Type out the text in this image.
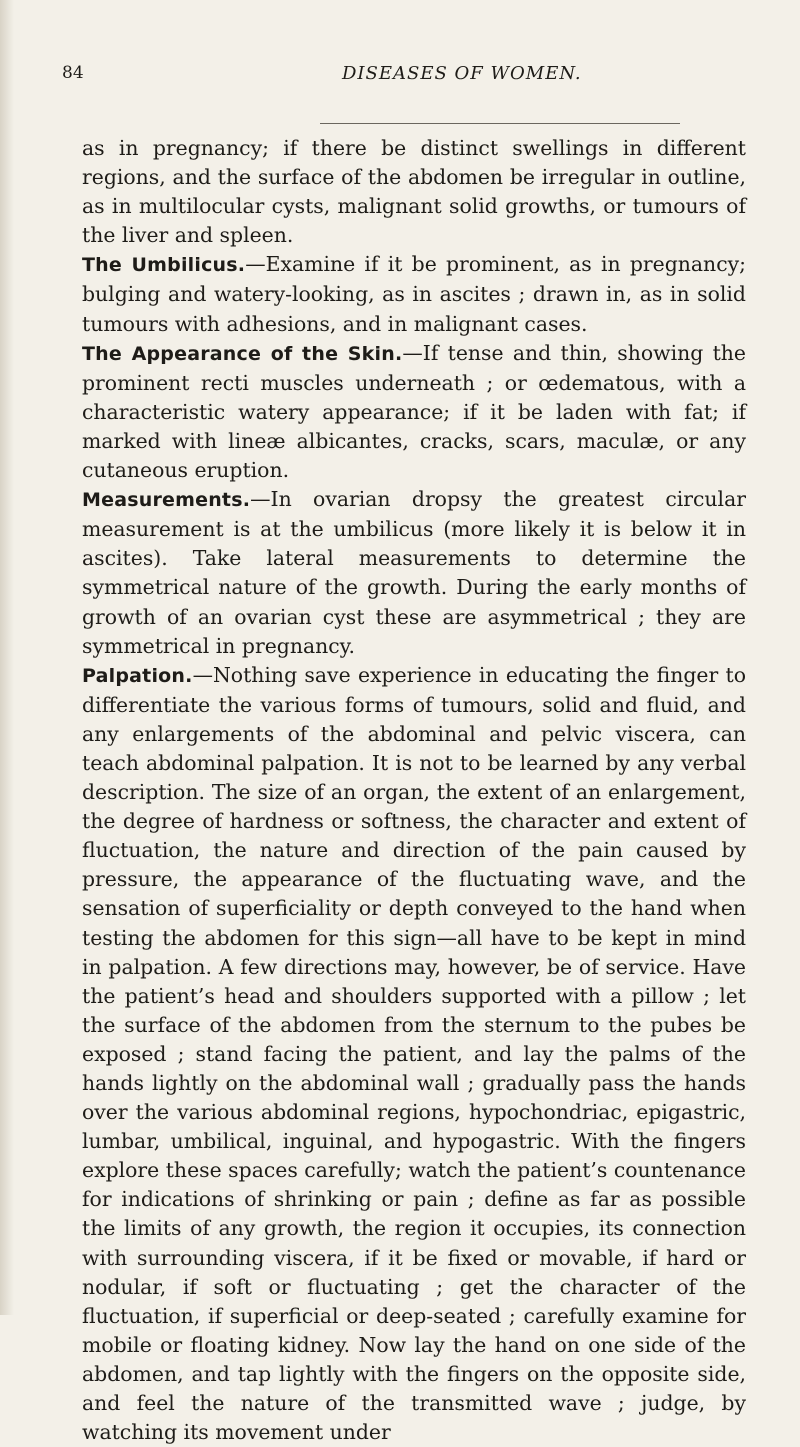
84	DISEASES OF WOMEN.

as in pregnancy; if there be distinct swellings in different regions, and the surface of the abdomen be irregular in outline, as in multilocular cysts, malignant solid growths, or tumours of the liver and spleen.

The Umbilicus.—Examine if it be prominent, as in pregnancy; bulging and watery-looking, as in ascites ; drawn in, as in solid tumours with adhesions, and in malignant cases.

The Appearance of the Skin.—If tense and thin, showing the prominent recti muscles underneath ; or œdematous, with a characteristic watery appearance; if it be laden with fat; if marked with lineæ albicantes, cracks, scars, maculæ, or any cutaneous eruption.

Measurements.—In ovarian dropsy the greatest circular measurement is at the umbilicus (more likely it is below it in ascites). Take lateral measurements to determine the symmetrical nature of the growth. During the early months of growth of an ovarian cyst these are asymmetrical ; they are symmetrical in pregnancy.

Palpation.—Nothing save experience in educating the finger to differentiate the various forms of tumours, solid and fluid, and any enlargements of the abdominal and pelvic viscera, can teach abdominal palpation. It is not to be learned by any verbal description. The size of an organ, the extent of an enlargement, the degree of hardness or softness, the character and extent of fluctuation, the nature and direction of the pain caused by pressure, the appearance of the fluctuating wave, and the sensation of superficiality or depth conveyed to the hand when testing the abdomen for this sign—all have to be kept in mind in palpation. A few directions may, however, be of service. Have the patient’s head and shoulders supported with a pillow ; let the surface of the abdomen from the sternum to the pubes be exposed ; stand facing the patient, and lay the palms of the hands lightly on the abdominal wall ; gradually pass the hands over the various abdominal regions, hypochondriac, epigastric, lumbar, umbilical, inguinal, and hypogastric. With the fingers explore these spaces carefully; watch the patient’s countenance for indications of shrinking or pain ; define as far as possible the limits of any growth, the region it occupies, its connection with surrounding viscera, if it be fixed or movable, if hard or nodular, if soft or fluctuating ; get the character of the fluctuation, if superficial or deep-seated ; carefully examine for mobile or floating kidney. Now lay the hand on one side of the abdomen, and tap lightly with the fingers on the opposite side, and feel the nature of the transmitted wave ; judge, by watching its movement under
